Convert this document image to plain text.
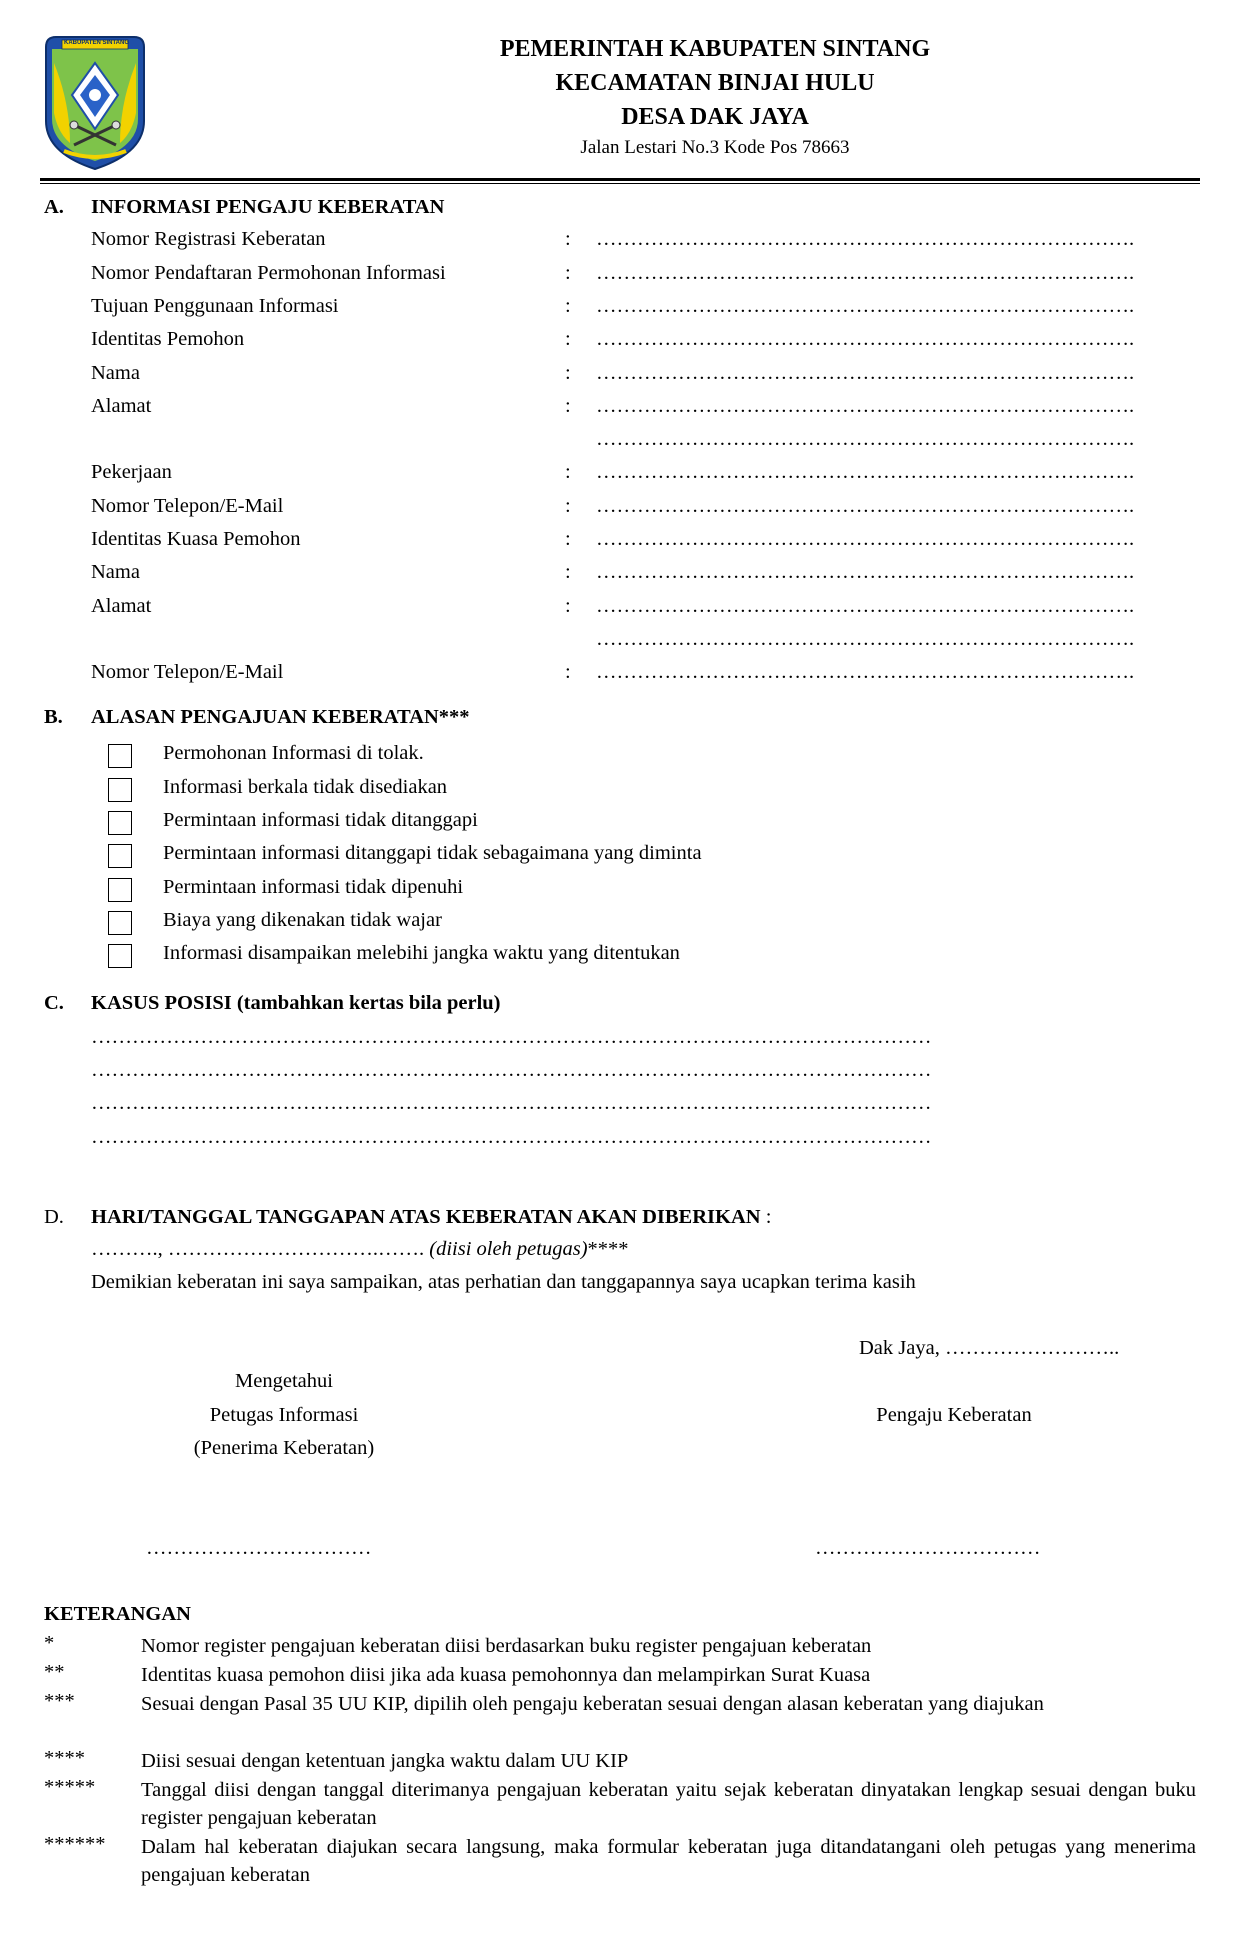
KABUPATEN SINTANG	PEMERINTAH KABUPATEN SINTANG
KECAMATAN BINJAI HULU
DESA DAK JAYA
Jalan Lestari No.3 Kode Pos 78663
A. INFORMASI PENGAJU KEBERATAN
Nomor Registrasi Keberatan	: …………………………………………………………………….
Nomor Pendaftaran Permohonan Informasi	: …………………………………………………………………….
Tujuan Penggunaan Informasi	: …………………………………………………………………….
Identitas Pemohon	: …………………………………………………………………….
Nama	: …………………………………………………………………….
Alamat	: …………………………………………………………………….
…………………………………………………………………….
Pekerjaan	: …………………………………………………………………….
Nomor Telepon/E-Mail	: …………………………………………………………………….
Identitas Kuasa Pemohon	: …………………………………………………………………….
Nama	: …………………………………………………………………….
Alamat	: …………………………………………………………………….
…………………………………………………………………….
Nomor Telepon/E-Mail	: …………………………………………………………………….
B. ALASAN PENGAJUAN KEBERATAN***
Permohonan Informasi di tolak.
Informasi berkala tidak disediakan
Permintaan informasi tidak ditanggapi
Permintaan informasi ditanggapi tidak sebagaimana yang diminta
Permintaan informasi tidak dipenuhi
Biaya yang dikenakan tidak wajar
Informasi disampaikan melebihi jangka waktu yang ditentukan
C. KASUS POSISI (tambahkan kertas bila perlu)
……………………………………………………………………………………………………………
……………………………………………………………………………………………………………
……………………………………………………………………………………………………………
……………………………………………………………………………………………………………
D. HARI/TANGGAL TANGGAPAN ATAS KEBERATAN AKAN DIBERIKAN :
………., ………………………….……. (diisi oleh petugas)****
Demikian keberatan ini saya sampaikan, atas perhatian dan tanggapannya saya ucapkan terima kasih
Dak Jaya, ……………………..
Mengetahui
Petugas Informasi
(Penerima Keberatan)
Pengaju Keberatan
……………………………	……………………………
KETERANGAN
*	Nomor register pengajuan keberatan diisi berdasarkan buku register pengajuan keberatan
**	Identitas kuasa pemohon diisi jika ada kuasa pemohonnya dan melampirkan Surat Kuasa
***	Sesuai dengan Pasal 35 UU KIP, dipilih oleh pengaju keberatan sesuai dengan alasan keberatan yang diajukan
****	Diisi sesuai dengan ketentuan jangka waktu dalam UU KIP
***** Tanggal diisi dengan tanggal diterimanya pengajuan keberatan yaitu sejak keberatan dinyatakan lengkap sesuai dengan buku register pengajuan keberatan
****** Dalam hal keberatan diajukan secara langsung, maka formular keberatan juga ditandatangani oleh petugas yang menerima pengajuan keberatan
